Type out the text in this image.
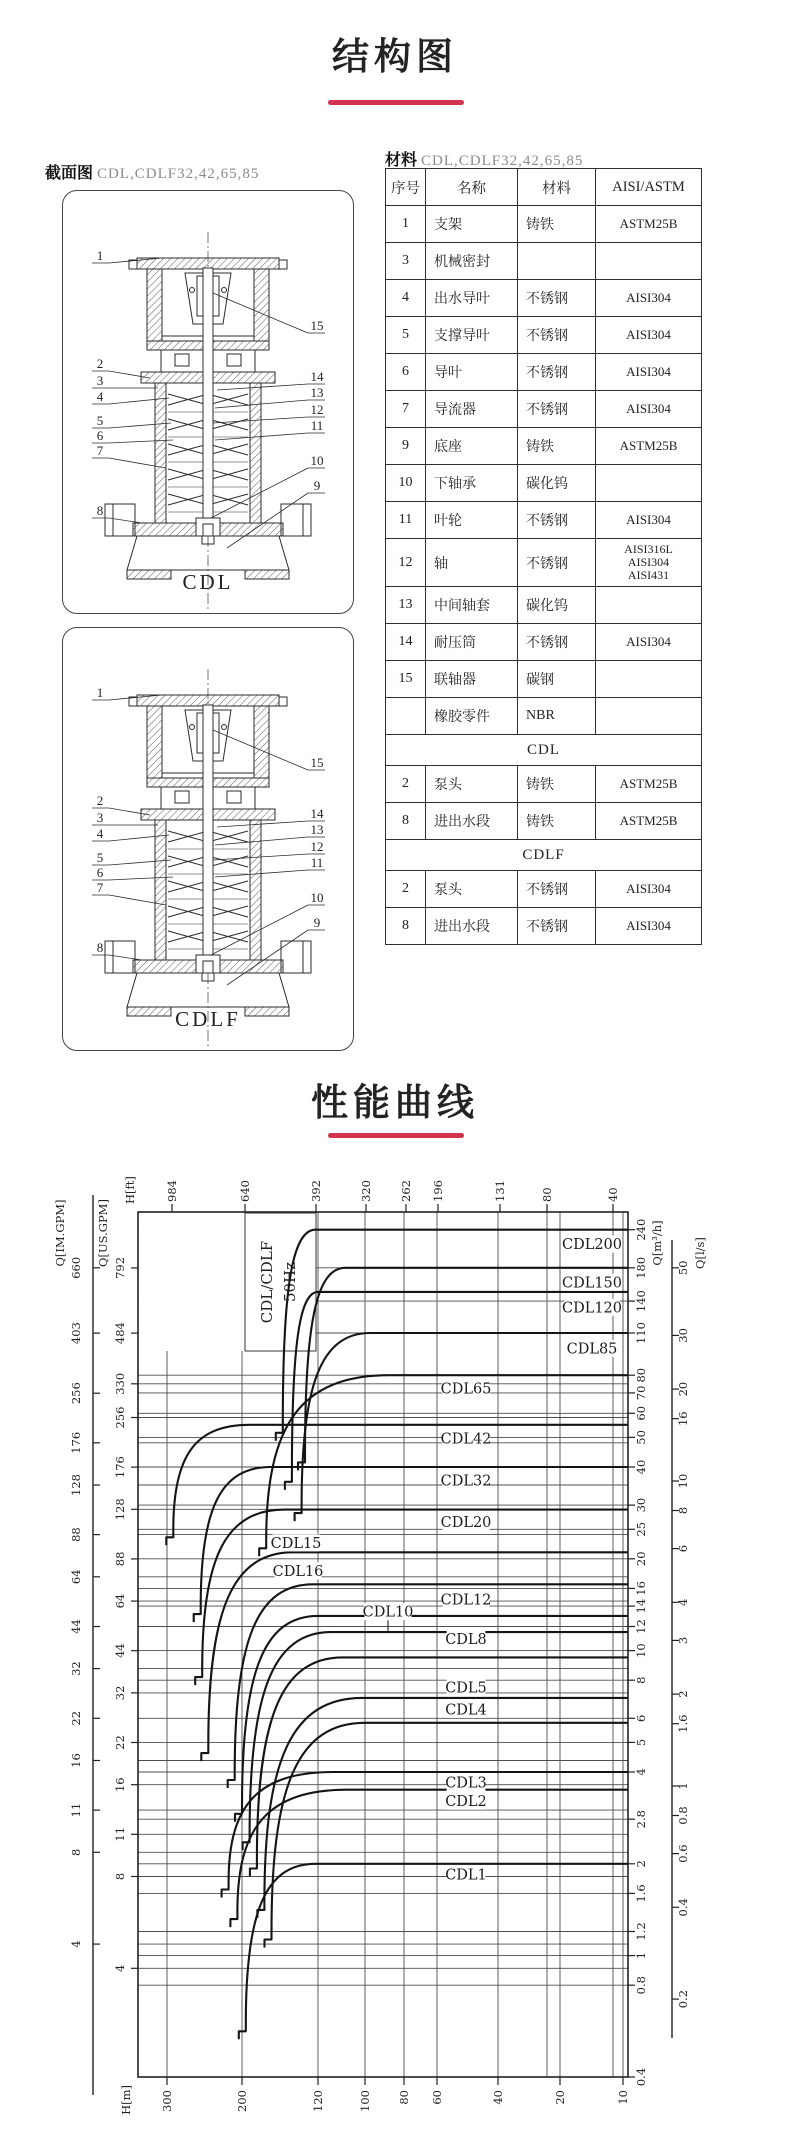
结构图
截面图 CDL,CDLF32,42,65,85
材料 CDL,CDLF32,42,65,85
1
2
3
4
5
6
7
8
15
14
13
12
11
10
9
1
2
3
4
5
6
7
8
15
14
13
12
11
10
9
CDL
CDLF
序号	名称	材料	AISI/ASTM
1	支架	铸铁	ASTM25B
3	机械密封		
4	出水导叶	不锈钢	AISI304
5	支撑导叶	不锈钢	AISI304
6	导叶	不锈钢	AISI304
7	导流器	不锈钢	AISI304
9	底座	铸铁	ASTM25B
10	下轴承	碳化钨	
11	叶轮	不锈钢	AISI304
12	轴	不锈钢	AISI316L
AISI304
AISI431

13	中间轴套	碳化钨	
14	耐压筒	不锈钢	AISI304
15	联轴器	碳钢	
	橡胶零件	NBR	
CDL			
2	泵头	铸铁	ASTM25B
8	进出水段	铸铁	ASTM25B
CDLF			
2	泵头	不锈钢	AISI304
8	进出水段	不锈钢	AISI304
性能曲线
CDL/CDLF 50Hz
984	640	392	320 262 196	131	80	40
H[ft]
300	200	120	100 80 60	40	20	10
H[m]
660
403
256
176
128
88
64
44
32
22
16
11
8
4
Q[IM.GPM]
792
484
330
256
176
128
88
64
44
32
22
16
11
8
4
Q[US.GPM]	240
180
140
110
80
70
60
50
40
30
25
20
16
14
12
10
8
6
5
4
2.8
2
1.6
1.2
1
0.8
0.4
Q[m³/h]
50
30
20
16
10
8
6
4
3
2
1.6
1
0.8
0.6
0.4
0.2
Q[l/s]
CDL200
CDL150
CDL120
CDL85
CDL65
CDL42
CDL32
CDL20
CDL15
CDL16
CDL12
CDL10
CDL8
CDL5
CDL4
CDL3
CDL2
CDL1
